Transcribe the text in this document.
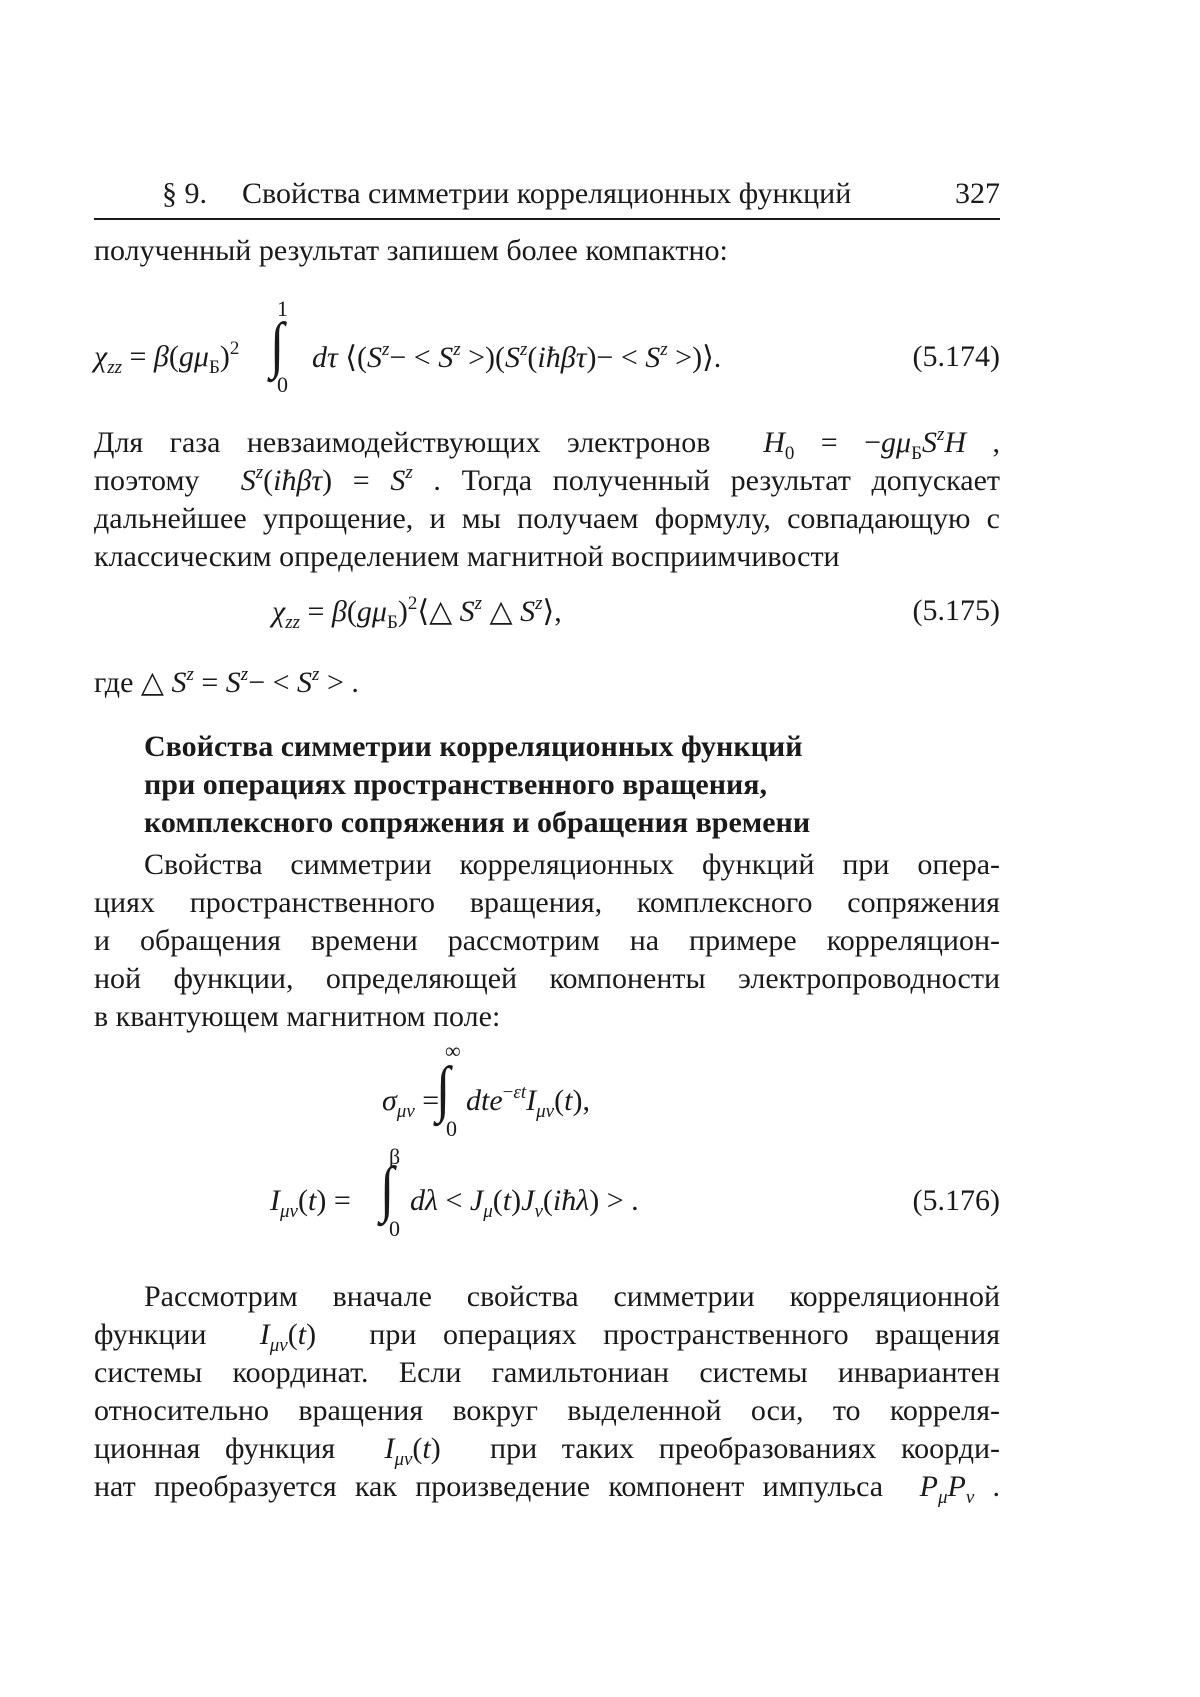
§ 9. Свойства симметрии корреляционных функций	327
полученный результат запишем более компактно:
$\chi_{zz} = \beta(g\mu_Б)^2$
1
∫
0
dτ $⟨(S^z- < S^z$ $>)(S^z(iħ\beta\tau)- < S^z$ >)⟩.	(5.174)
Для газа невзаимодействующих электронов $H_0 = -g\mu_БS^zH$ ,
поэтому $S^z(iħ\beta\tau) = S^z$ . Тогда полученный результат допускает
дальнейшее упрощение, и мы получаем формулу, совпадающую с
классическим определением магнитной восприимчивости
$\chi_{zz}$ = $\beta(g\mu_Б)^2⟨\triangle$ $S^z$ △ $S^z⟩$,	(5.175)
где △ $S^z = S^z- < S^z$ > .
Свойства симметрии корреляционных функций
при операциях пространственного вращения,
комплексного сопряжения и обращения времени
Свойства симметрии корреляционных функций при опера-
циях пространственного вращения, комплексного сопряжения
и обращения времени рассмотрим на примере корреляцион-
ной функции, определяющей компоненты электропроводности
в квантующем магнитном поле:
$\sigma_{\mu\nu}$ =
∞
∫
0
$dte^{-\varepsilon t}I_{\mu\nu}(t)$,
$I_{\mu\nu}(t)$ =
β
∫
0
$d\lambda < J_\mu(t)J_\nu(iħ\lambda)$ > .	(5.176)
Рассмотрим вначале свойства симметрии корреляционной
функции $I_{\mu\nu}(t)$  при операциях пространственного вращения
системы координат. Если гамильтониан системы инвариантен
относительно вращения вокруг выделенной оси, то корреля-
ционная функция $I_{\mu\nu}(t)$  при таких преобразованиях коорди-
нат преобразуется как произведение компонент импульса $P_\mu P_\nu$ .
